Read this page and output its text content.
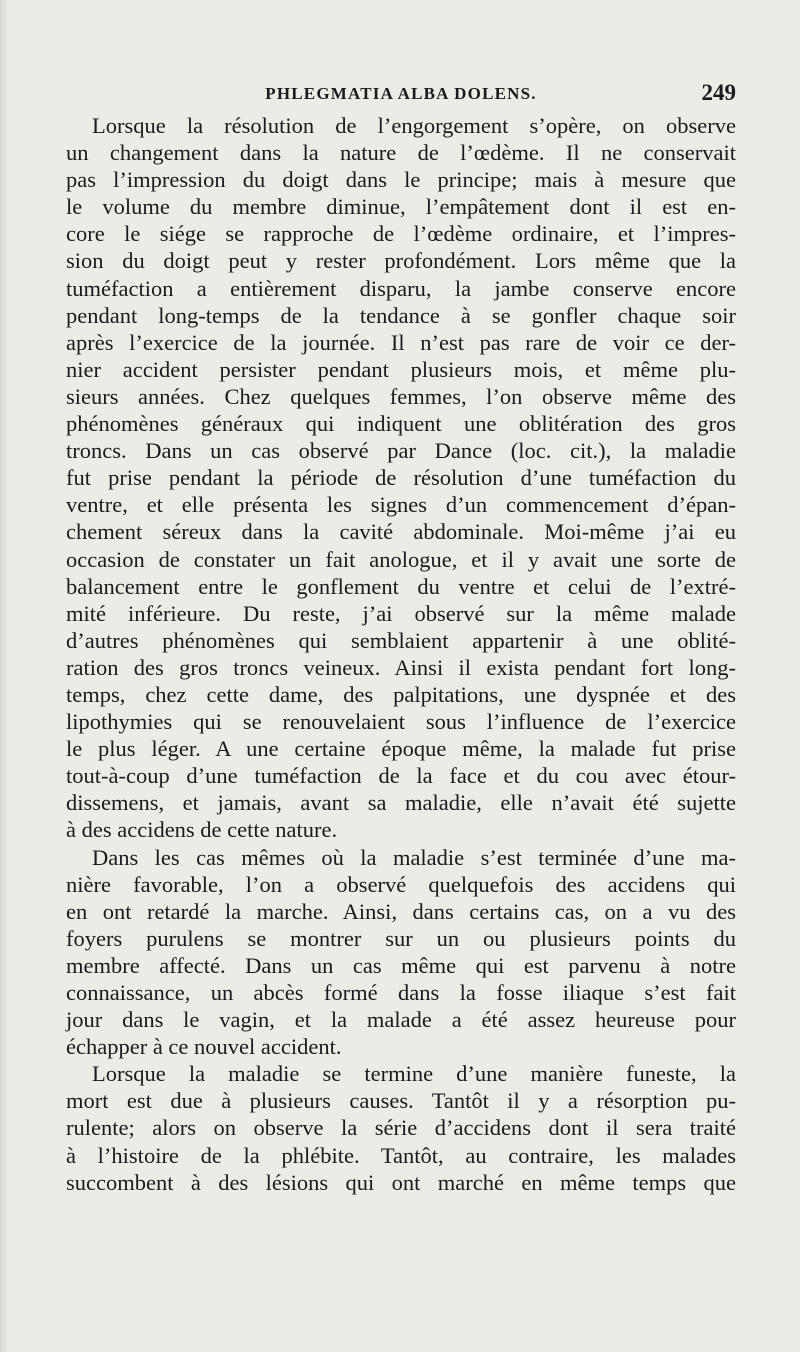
PHLEGMATIA ALBA DOLENS.	249
Lorsque la résolution de l’engorgement s’opère, on observe
un changement dans la nature de l’œdème. Il ne conservait
pas l’impression du doigt dans le principe; mais à mesure que
le volume du membre diminue, l’empâtement dont il est en-
core le siége se rapproche de l’œdème ordinaire, et l’impres-
sion du doigt peut y rester profondément. Lors même que la
tuméfaction a entièrement disparu, la jambe conserve encore
pendant long-temps de la tendance à se gonfler chaque soir
après l’exercice de la journée. Il n’est pas rare de voir ce der-
nier accident persister pendant plusieurs mois, et même plu-
sieurs années. Chez quelques femmes, l’on observe même des
phénomènes généraux qui indiquent une oblitération des gros
troncs. Dans un cas observé par Dance (loc. cit.), la maladie
fut prise pendant la période de résolution d’une tuméfaction du
ventre, et elle présenta les signes d’un commencement d’épan-
chement séreux dans la cavité abdominale. Moi-même j’ai eu
occasion de constater un fait anologue, et il y avait une sorte de
balancement entre le gonflement du ventre et celui de l’extré-
mité inférieure. Du reste, j’ai observé sur la même malade
d’autres phénomènes qui semblaient appartenir à une oblité-
ration des gros troncs veineux. Ainsi il exista pendant fort long-
temps, chez cette dame, des palpitations, une dyspnée et des
lipothymies qui se renouvelaient sous l’influence de l’exercice
le plus léger. A une certaine époque même, la malade fut prise
tout-à-coup d’une tuméfaction de la face et du cou avec étour-
dissemens, et jamais, avant sa maladie, elle n’avait été sujette
à des accidens de cette nature.
Dans les cas mêmes où la maladie s’est terminée d’une ma-
nière favorable, l’on a observé quelquefois des accidens qui
en ont retardé la marche. Ainsi, dans certains cas, on a vu des
foyers purulens se montrer sur un ou plusieurs points du
membre affecté. Dans un cas même qui est parvenu à notre
connaissance, un abcès formé dans la fosse iliaque s’est fait
jour dans le vagin, et la malade a été assez heureuse pour
échapper à ce nouvel accident.
Lorsque la maladie se termine d’une manière funeste, la
mort est due à plusieurs causes. Tantôt il y a résorption pu-
rulente; alors on observe la série d’accidens dont il sera traité
à l’histoire de la phlébite. Tantôt, au contraire, les malades
succombent à des lésions qui ont marché en même temps que
